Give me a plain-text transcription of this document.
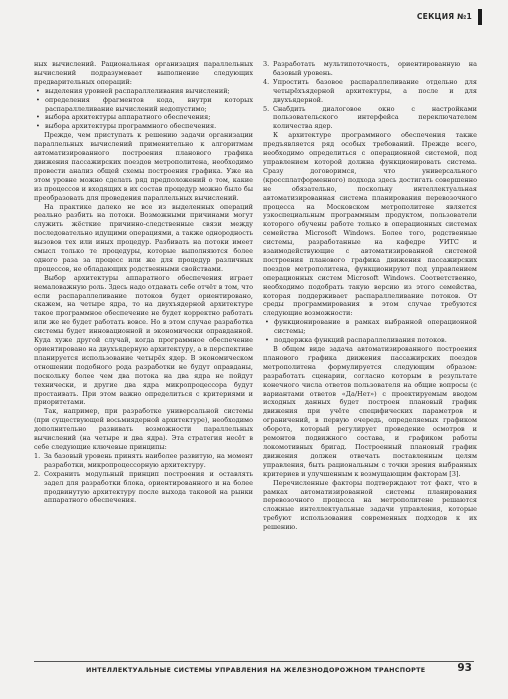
СЕКЦИЯ №1

ных вычислений. Рациональная организация параллельных вычислений подразумевает выполнение следующих предварительных операций:

• выделения уровней распараллеливания вычислений;
• определения фрагментов кода, внутри которых распараллеливание вычислений недопустимо;
• выбора архитектуры аппаратного обеспечения;
• выбора архитектуры программного обеспечения.

Прежде, чем приступать к решению задачи организации параллельных вычислений применительно к алгоритмам автоматизированного построения планового графика движения пассажирских поездов метрополитена, необходимо провести анализ общей схемы построения графика. Уже на этом уровне можно сделать ряд предположений о том, какие из процессов и входящих в их состав процедур можно было бы преобразовать для проведения параллельных вычислений.

На практике далеко не все из выделенных операций реально разбить на потоки. Возможными причинами могут служить жёсткие причинно-следственные связи между последовательно идущими операциями, а также однородность вызовов тех или иных процедур. Разбивать на потоки имеет смысл только те процедуры, которые выполняются более одного раза за процесс или же для процедур различных процессов, не обладающих родственными свойствами.

Выбор архитектуры аппаратного обеспечения играет немаловажную роль. Здесь надо отдавать себе отчёт в том, что если распараллеливание потоков будет ориентировано, скажем, на четыре ядра, то на двухъядерной архитектуре такое программное обеспечение не будет корректно работать или же не будет работать вовсе. Но в этом случае разработка системы будет инновационной и экономически оправданной. Куда хуже другой случай, когда программное обеспечение ориентировано на двухъядерную архитектуру, а в перспективе планируется использование четырёх ядер. В экономическом отношении подобного рода разработки не будут оправданы, поскольку более чем два потока на два ядра не пойдут технически, и другие два ядра микропроцессора будут простаивать. При этом важно определиться с критериями и приоритетами.

Так, например, при разработке универсальной системы (при существующей восьмиядерной архитектуре), необходимо дополнительно развивать возможности параллельных вычислений (на четыре и два ядра). Эта стратегия несёт в себе следующие ключевые принципы:

1. За базовый уровень принять наиболее развитую, на момент разработки, микропроцессорную архитектуру.
2. Сохранить модульный принцип построения и оставлять задел для разработки блока, ориентированного и на более продвинутую архитектуру после выхода таковой на рынки аппаратного обеспечения.
3. Разработать мультипоточность, ориентированную на базовый уровень.
4. Упростить базовое распараллеливание отдельно для четырёхъядерной архитектуры, а после и для двухъядерной.
5. Снабдить диалоговое окно с настройками пользовательского интерфейса переключателем количества ядер.

К архитектуре программного обеспечения также предъявляется ряд особых требований. Прежде всего, необходимо определиться с операционной системой, под управлением которой должна функционировать система. Сразу договоримся, что универсального (кроссплатформенного) подхода здесь достигать совершенно не обязательно, поскольку интеллектуальная автоматизированная система планирования перевозочного процесса на Московском метрополитене является узкоспециальным программным продуктом, пользователи которого обучены работе только в операционных системах семейства Microsoft Windows. Более того, родственные системы, разработанные на кафедре УИТС и взаимодействующие с автоматизированной системой построения планового графика движения пассажирских поездов метрополитена, функционируют под управлением операционных систем Microsoft Windows. Соответственно, необходимо подобрать такую версию из этого семейства, которая поддерживает распараллеливание потоков. От среды программирования в этом случае требуются следующие возможности:

• функционирование в рамках выбранной операционной системы;
• поддержка функций распараллеливания потоков.

В общем виде задача автоматизированного построения планового графика движения пассажирских поездов метрополитена формулируется следующим образом: разработать сценарии, согласно которым в результате конечного числа ответов пользователя на общие вопросы (с вариантами ответов «Да/Нет») с проектируемым вводом исходных данных будет построен плановый график движения при учёте специфических параметров и ограничений, в первую очередь, определяемых графиком оборота, который регулирует проведение осмотров и ремонтов подвижного состава, и графиком работы локомотивных бригад. Построенный плановый график движения должен отвечать поставленным целям управления, быть рациональным с точки зрения выбранных критериев и улучшенным к возмущающим факторам [3].

Перечисленные факторы подтверждают тот факт, что в рамках автоматизированной системы планирования перевозочного процесса на метрополитене решаются сложные интеллектуальные задачи управления, которые требуют использования современных подходов к их решению.

ИНТЕЛЛЕКТУАЛЬНЫЕ СИСТЕМЫ УПРАВЛЕНИЯ НА ЖЕЛЕЗНОДОРОЖНОМ ТРАНСПОРТЕ	93
